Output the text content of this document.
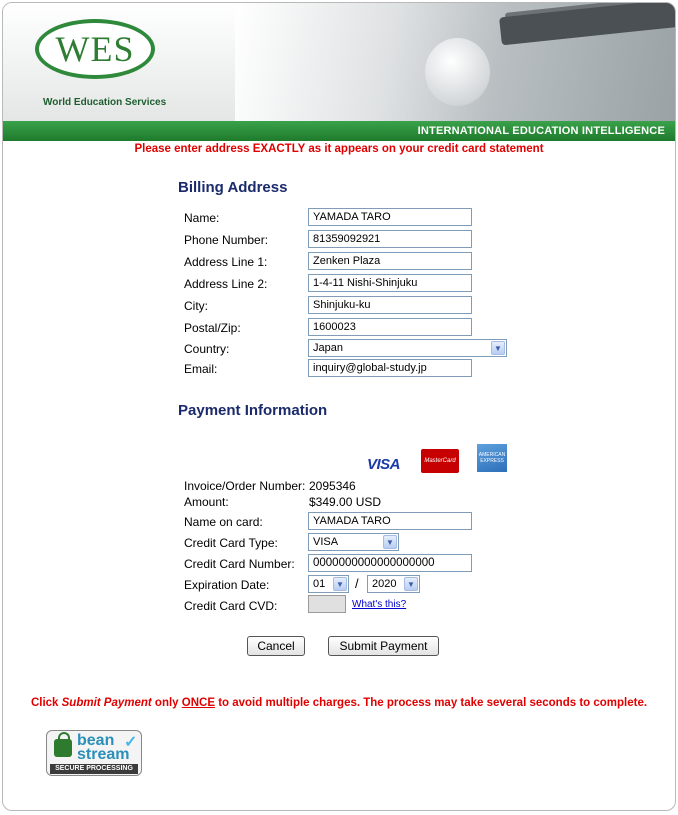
WES
World Education Services
INTERNATIONAL EDUCATION INTELLIGENCE
Please enter address EXACTLY as it appears on your credit card statement
Billing Address
Name:	YAMADA TARO
Phone Number:	81359092921
Address Line 1:	Zenken Plaza
Address Line 2:	1-4-11 Nishi-Shinjuku
City:	Shinjuku-ku
Postal/Zip:	1600023
Country:	Japan	▼
Email:	inquiry@global-study.jp
Payment Information
VISA	MasterCard
AMERICAN EXPRESS
Invoice/Order Number: 2095346
Amount:	$349.00 USD
Name on card:	YAMADA TARO
Credit Card Type:	VISA	▼
Credit Card Number:	0000000000000000000
Expiration Date:	01	▼ /	2020	▼
Credit Card CVD:	What's this?
Cancel	Submit Payment
Click Submit Payment only ONCE to avoid multiple charges. The process may take several seconds to complete.
bean
stream
✓
SECURE PROCESSING
